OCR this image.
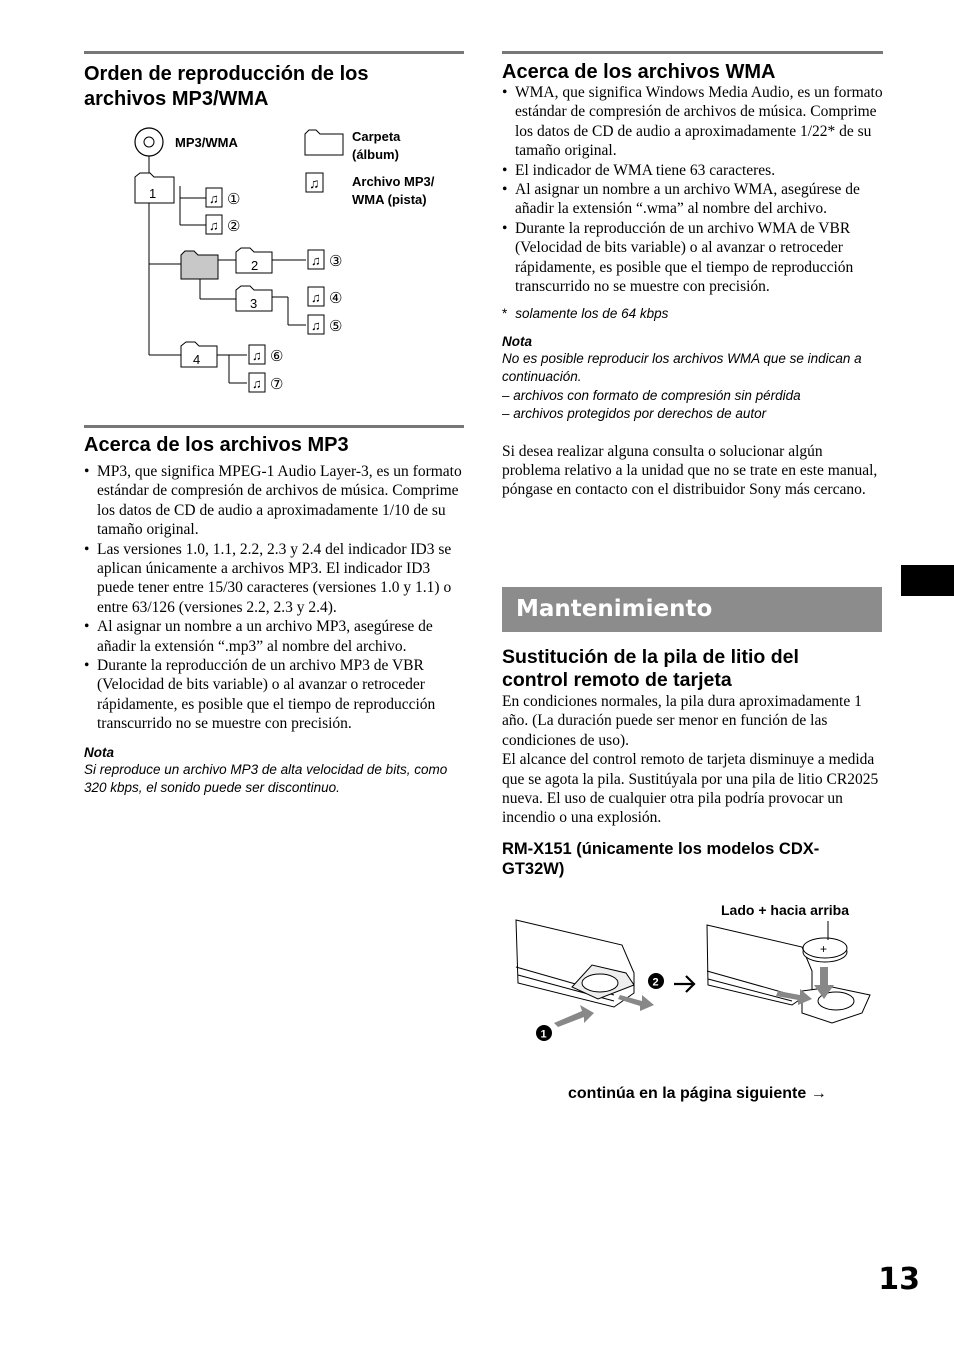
Orden de reproducción de los archivos MP3/WMA
MP3/WMA	Carpeta
(álbum)
♫	Archivo MP3/
WMA (pista)
1
2
3
4
♫ ①
♫ ②
♫ ③
♫ ④
♫ ⑤
♫ ⑥
♫ ⑦
Acerca de los archivos MP3
• MP3, que significa MPEG-1 Audio Layer-3, es un formato estándar de compresión de archivos de música. Comprime los datos de CD de audio a aproximadamente 1/10 de su tamaño original.
• Las versiones 1.0, 1.1, 2.2, 2.3 y 2.4 del indicador ID3 se aplican únicamente a archivos MP3. El indicador ID3 puede tener entre 15/30 caracteres (versiones 1.0 y 1.1) o entre 63/126 (versiones 2.2, 2.3 y 2.4).
• Al asignar un nombre a un archivo MP3, asegúrese de añadir la extensión “.mp3” al nombre del archivo.
• Durante la reproducción de un archivo MP3 de VBR (Velocidad de bits variable) o al avanzar o retroceder rápidamente, es posible que el tiempo de reproducción transcurrido no se muestre con precisión.
Nota
Si reproduce un archivo MP3 de alta velocidad de bits, como 320 kbps, el sonido puede ser discontinuo.
Acerca de los archivos WMA
• WMA, que significa Windows Media Audio, es un formato estándar de compresión de archivos de música. Comprime los datos de CD de audio a aproximadamente 1/22* de su tamaño original.
• El indicador de WMA tiene 63 caracteres.
• Al asignar un nombre a un archivo WMA, asegúrese de añadir la extensión “.wma” al nombre del archivo.
• Durante la reproducción de un archivo WMA de VBR (Velocidad de bits variable) o al avanzar o retroceder rápidamente, es posible que el tiempo de reproducción transcurrido no se muestre con precisión.
* solamente los de 64 kbps
Nota
No es posible reproducir los archivos WMA que se indican a continuación.
– archivos con formato de compresión sin pérdida
– archivos protegidos por derechos de autor

Si desea realizar alguna consulta o solucionar algún problema relativo a la unidad que no se trate en este manual, póngase en contacto con el distribuidor Sony más cercano.

Mantenimiento
Sustitución de la pila de litio del control remoto de tarjeta

En condiciones normales, la pila dura aproximadamente 1 año. (La duración puede ser menor en función de las condiciones de uso).

El alcance del control remoto de tarjeta disminuye a medida que se agota la pila. Sustitúyala por una pila de litio CR2025 nueva. El uso de cualquier otra pila podría provocar un incendio o una explosión.

RM-X151 (únicamente los modelos CDX-GT32W)
Lado + hacia arriba
1
2
+
continúa en la página siguiente →
13
